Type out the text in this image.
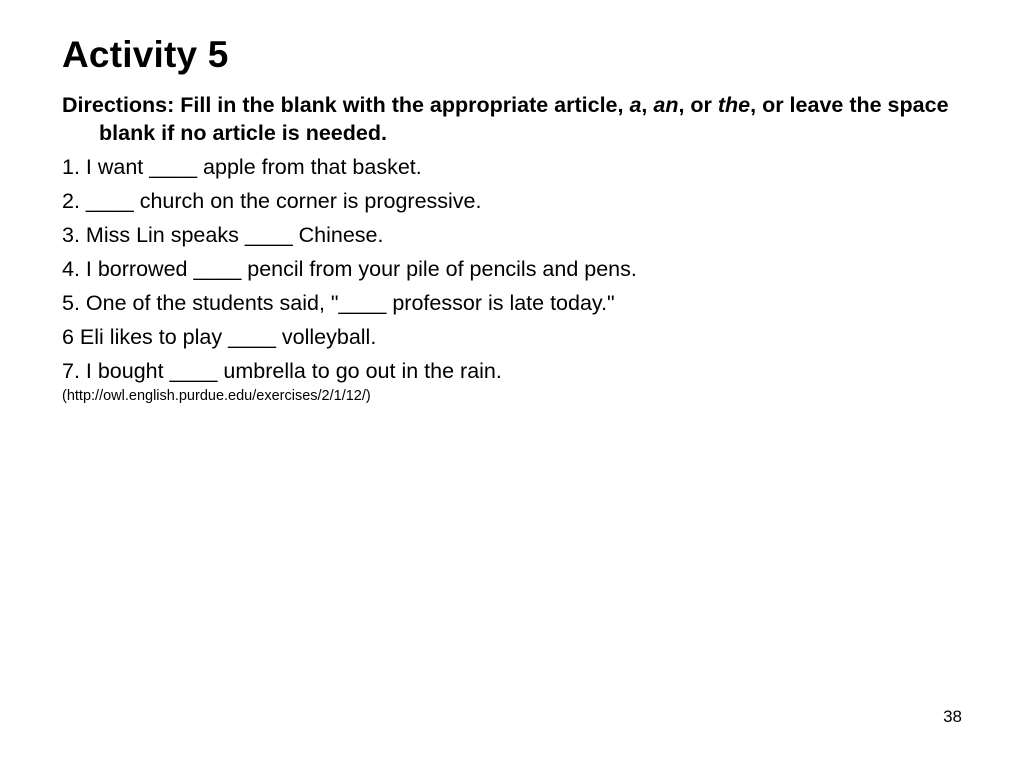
Activity 5

Directions: Fill in the blank with the appropriate article, a, an, or the, or leave the space blank if no article is needed.

1. I want ____ apple from that basket.
2. ____ church on the corner is progressive.
3. Miss Lin speaks ____ Chinese.
4. I borrowed ____ pencil from your pile of pencils and pens.
5. One of the students said, "____ professor is late today."
6 Eli likes to play ____ volleyball.
7. I bought ____ umbrella to go out in the rain.

(http://owl.english.purdue.edu/exercises/2/1/12/)

38
